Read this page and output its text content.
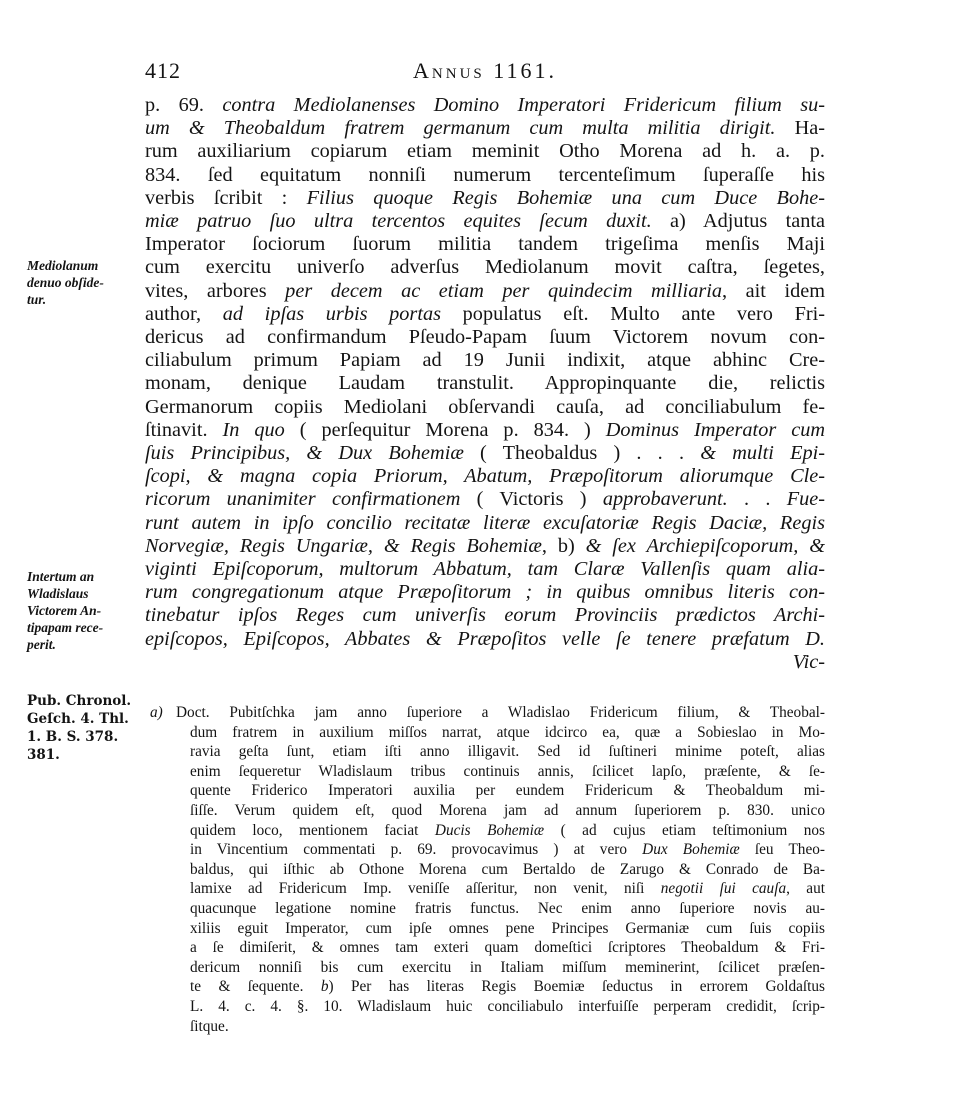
412	Annus 1161.
p. 69. contra Mediolanenses Domino Imperatori Fridericum filium su-
um & Theobaldum fratrem germanum cum multa militia dirigit. Ha-
rum auxiliarium copiarum etiam meminit Otho Morena ad h. a. p.
834. ſed equitatum nonniſi numerum tercenteſimum ſuperaſſe his
verbis ſcribit : Filius quoque Regis Bohemiæ una cum Duce Bohe-
miæ patruo ſuo ultra tercentos equites ſecum duxit. a) Adjutus tanta
Imperator ſociorum ſuorum militia tandem trigeſima menſis Maji
cum exercitu univerſo adverſus Mediolanum movit caſtra, ſegetes,
vites, arbores per decem ac etiam per quindecim milliaria, ait idem
author, ad ipſas urbis portas populatus eſt. Multo ante vero Fri-
dericus ad confirmandum Pſeudo-Papam ſuum Victorem novum con-
ciliabulum primum Papiam ad 19 Junii indixit, atque abhinc Cre-
monam, denique Laudam transtulit. Appropinquante die, relictis
Germanorum copiis Mediolani obſervandi cauſa, ad conciliabulum fe-
ſtinavit. In quo ( perſequitur Morena p. 834. ) Dominus Imperator cum
ſuis Principibus, & Dux Bohemiæ ( Theobaldus ) . . . & multi Epi-
ſcopi, & magna copia Priorum, Abatum, Præpoſitorum aliorumque Cle-
ricorum unanimiter confirmationem ( Victoris ) approbaverunt. . . Fue-
runt autem in ipſo concilio recitatæ literæ excuſatoriæ Regis Daciæ, Regis
Norvegiæ, Regis Ungariæ, & Regis Bohemiæ, b) & ſex Archiepiſcoporum, &
viginti Epiſcoporum, multorum Abbatum, tam Claræ Vallenſis quam alia-
rum congregationum atque Præpoſitorum ; in quibus omnibus literis con-
tinebatur ipſos Reges cum univerſis eorum Provinciis prædictos Archi-
epiſcopos, Epiſcopos, Abbates & Præpoſitos velle ſe tenere præfatum D.
Vic-
Mediolanum
denuo obſide-
tur.
Intertum an
Wladislaus
Victorem An-
tipapam rece-
perit.
Pub. Chronol.
Geſch. 4. Thl.
1. B. S. 378.
381.
a) Doct. Pubitſchka jam anno ſuperiore a Wladislao Fridericum filium, & Theobal-
dum fratrem in auxilium miſſos narrat, atque idcirco ea, quæ a Sobieslao in Mo-
ravia geſta ſunt, etiam iſti anno illigavit. Sed id ſuſtineri minime poteſt, alias
enim ſequeretur Wladislaum tribus continuis annis, ſcilicet lapſo, præſente, & ſe-
quente Friderico Imperatori auxilia per eundem Fridericum & Theobaldum mi-
ſiſſe. Verum quidem eſt, quod Morena jam ad annum ſuperiorem p. 830. unico
quidem loco, mentionem faciat Ducis Bohemiæ ( ad cujus etiam teſtimonium nos
in Vincentium commentati p. 69. provocavimus ) at vero Dux Bohemiæ ſeu Theo-
baldus, qui iſthic ab Othone Morena cum Bertaldo de Zarugo & Conrado de Ba-
lamixe ad Fridericum Imp. veniſſe aſſeritur, non venit, niſi negotii ſui cauſa, aut
quacunque legatione nomine fratris functus. Nec enim anno ſuperiore novis au-
xiliis eguit Imperator, cum ipſe omnes pene Principes Germaniæ cum ſuis copiis
a ſe dimiſerit, & omnes tam exteri quam domeſtici ſcriptores Theobaldum & Fri-
dericum nonniſi bis cum exercitu in Italiam miſſum meminerint, ſcilicet præſen-
te & ſequente. b) Per has literas Regis Boemiæ ſeductus in errorem Goldaſtus
L. 4. c. 4. §. 10. Wladislaum huic conciliabulo interfuiſſe perperam credidit, ſcrip-
ſitque.
